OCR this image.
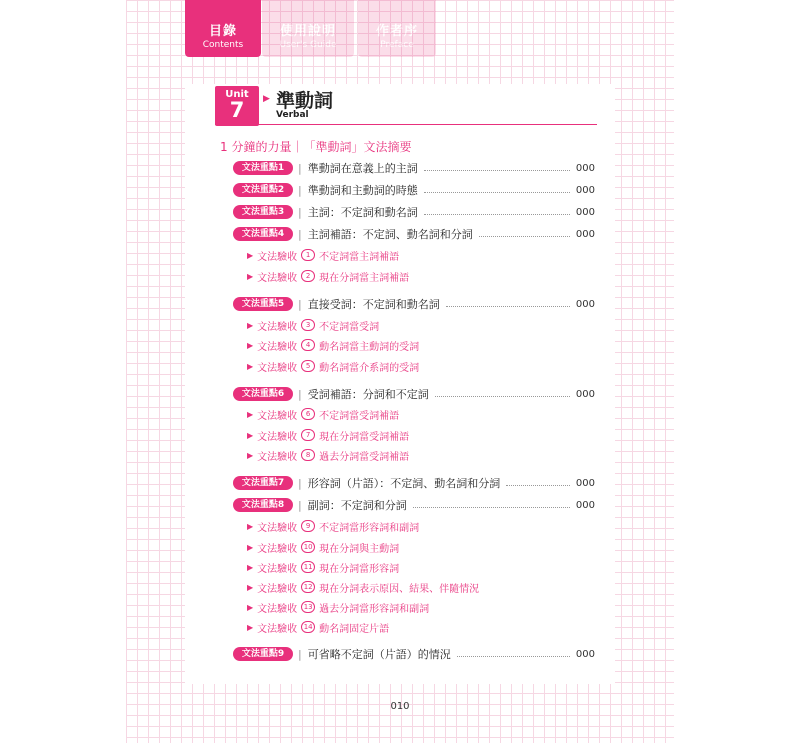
目錄
Contents
使用說明
User's Guide
作者序
Preface
Unit
7	▶ 準動詞
Verbal
1 分鐘的力量｜「準動詞」文法摘要
文法重點1	| 準動詞在意義上的主詞	000
文法重點2	| 準動詞和主動詞的時態	000
文法重點3	| 主詞：不定詞和動名詞	000
文法重點4	| 主詞補語：不定詞、動名詞和分詞	000
▶ 文法驗收	1 不定詞當主詞補語
▶ 文法驗收	2 現在分詞當主詞補語
文法重點5	| 直接受詞：不定詞和動名詞	000
▶ 文法驗收	3 不定詞當受詞
▶ 文法驗收	4 動名詞當主動詞的受詞
▶ 文法驗收	5 動名詞當介系詞的受詞
文法重點6	| 受詞補語：分詞和不定詞	000
▶ 文法驗收	6 不定詞當受詞補語
▶ 文法驗收	7 現在分詞當受詞補語
▶ 文法驗收	8 過去分詞當受詞補語
文法重點7	| 形容詞（片語）：不定詞、動名詞和分詞	000
文法重點8	| 副詞：不定詞和分詞	000
▶ 文法驗收	9 不定詞當形容詞和副詞
▶ 文法驗收 10 現在分詞與主動詞
▶ 文法驗收 11 現在分詞當形容詞
▶ 文法驗收 12 現在分詞表示原因、結果、伴隨情況
▶ 文法驗收 13 過去分詞當形容詞和副詞
▶ 文法驗收 14 動名詞固定片語
文法重點9	| 可省略不定詞（片語）的情況	000
010
